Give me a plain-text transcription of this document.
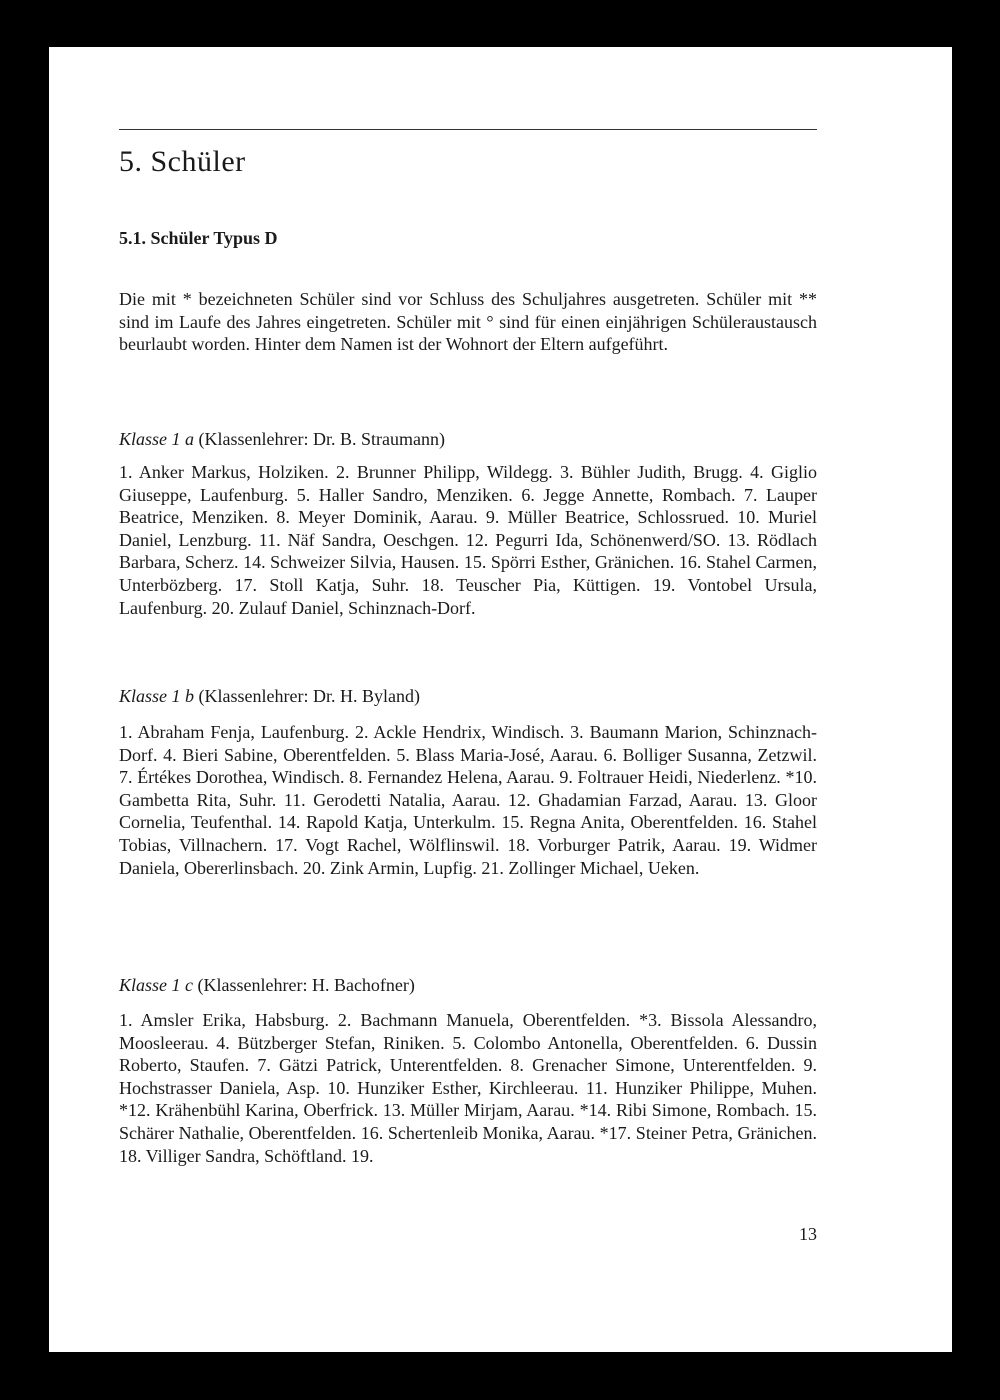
5. Schüler
5.1. Schüler Typus D

Die mit * bezeichneten Schüler sind vor Schluss des Schuljahres ausgetreten. Schüler mit ** sind im Laufe des Jahres eingetreten. Schüler mit ° sind für einen einjährigen Schüleraustausch beurlaubt worden. Hinter dem Namen ist der Wohnort der Eltern aufgeführt.

Klasse 1 a (Klassenlehrer: Dr. B. Straumann)

1. Anker Markus, Holziken. 2. Brunner Philipp, Wildegg. 3. Bühler Judith, Brugg. 4. Giglio Giuseppe, Laufenburg. 5. Haller Sandro, Menziken. 6. Jegge Annette, Rombach. 7. Lauper Beatrice, Menziken. 8. Meyer Dominik, Aarau. 9. Müller Beatrice, Schlossrued. 10. Muriel Daniel, Lenzburg. 11. Näf Sandra, Oeschgen. 12. Pegurri Ida, Schönenwerd/SO. 13. Rödlach Barbara, Scherz. 14. Schweizer Silvia, Hausen. 15. Spörri Esther, Gränichen. 16. Stahel Carmen, Unterbözberg. 17. Stoll Katja, Suhr. 18. Teuscher Pia, Küttigen. 19. Vontobel Ursula, Laufenburg. 20. Zulauf Daniel, Schinznach-Dorf.

Klasse 1 b (Klassenlehrer: Dr. H. Byland)

1. Abraham Fenja, Laufenburg. 2. Ackle Hendrix, Windisch. 3. Baumann Marion, Schinznach-Dorf. 4. Bieri Sabine, Oberentfelden. 5. Blass Maria-José, Aarau. 6. Bolliger Susanna, Zetzwil. 7. Értékes Dorothea, Windisch. 8. Fernandez Helena, Aarau. 9. Foltrauer Heidi, Niederlenz. *10. Gambetta Rita, Suhr. 11. Gerodetti Natalia, Aarau. 12. Ghadamian Farzad, Aarau. 13. Gloor Cornelia, Teufenthal. 14. Rapold Katja, Unterkulm. 15. Regna Anita, Oberentfelden. 16. Stahel Tobias, Villnachern. 17. Vogt Rachel, Wölflinswil. 18. Vorburger Patrik, Aarau. 19. Widmer Daniela, Obererlinsbach. 20. Zink Armin, Lupfig. 21. Zollinger Michael, Ueken.

Klasse 1 c (Klassenlehrer: H. Bachofner)

1. Amsler Erika, Habsburg. 2. Bachmann Manuela, Oberentfelden. *3. Bissola Alessandro, Moosleerau. 4. Bützberger Stefan, Riniken. 5. Colombo Antonella, Oberentfelden. 6. Dussin Roberto, Staufen. 7. Gätzi Patrick, Unterentfelden. 8. Grenacher Simone, Unterentfelden. 9. Hochstrasser Daniela, Asp. 10. Hunziker Esther, Kirchleerau. 11. Hunziker Philippe, Muhen. *12. Krähenbühl Karina, Oberfrick. 13. Müller Mirjam, Aarau. *14. Ribi Simone, Rombach. 15. Schärer Nathalie, Oberentfelden. 16. Schertenleib Monika, Aarau. *17. Steiner Petra, Gränichen. 18. Villiger Sandra, Schöftland. 19.

13
